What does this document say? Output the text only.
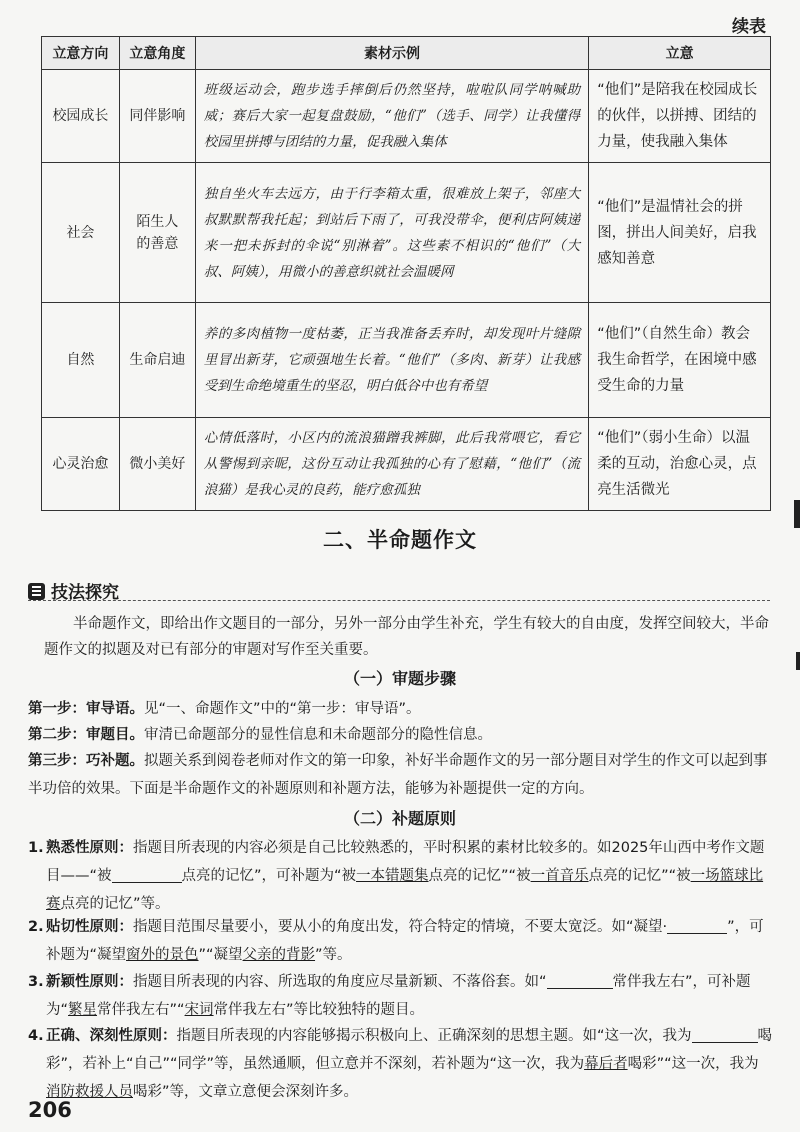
续表
立意方向	立意角度	素材示例	立意
校园成长	同伴影响	班级运动会，跑步选手摔倒后仍然坚持，啦啦队同学呐喊助威；赛后大家一起复盘鼓励，“他们”（选手、同学）让我懂得校园里拼搏与团结的力量，促我融入集体	“他们”是陪我在校园成长的伙伴，以拼搏、团结的力量，使我融入集体
社会	陌生人的善意	独自坐火车去远方，由于行李箱太重，很难放上架子，邻座大叔默默帮我托起；到站后下雨了，可我没带伞，便利店阿姨递来一把未拆封的伞说“别淋着”。这些素不相识的“他们”（大叔、阿姨），用微小的善意织就社会温暖网	“他们”是温情社会的拼图，拼出人间美好，启我感知善意
自然	生命启迪	养的多肉植物一度枯萎，正当我准备丢弃时，却发现叶片缝隙里冒出新芽，它顽强地生长着。“他们”（多肉、新芽）让我感受到生命绝境重生的坚忍，明白低谷中也有希望	“他们”（自然生命）教会我生命哲学，在困境中感受生命的力量
心灵治愈	微小美好	心情低落时，小区内的流浪猫蹭我裤脚，此后我常喂它，看它从警惕到亲昵，这份互动让我孤独的心有了慰藉，“他们”（流浪猫）是我心灵的良药，能疗愈孤独	“他们”（弱小生命）以温柔的互动，治愈心灵，点亮生活微光
二、半命题作文
技法探究
半命题作文，即给出作文题目的一部分，另外一部分由学生补充，学生有较大的自由度，发挥空间较大，半命题作文的拟题及对已有部分的审题对写作至关重要。
（一）审题步骤
第一步：审导语。见“一、命题作文”中的“第一步：审导语”。
第二步：审题目。审清已命题部分的显性信息和未命题部分的隐性信息。
第三步：巧补题。拟题关系到阅卷老师对作文的第一印象，补好半命题作文的另一部分题目对学生的作文可以起到事半功倍的效果。下面是半命题作文的补题原则和补题方法，能够为补题提供一定的方向。
（二）补题原则
1. 熟悉性原则：指题目所表现的内容必须是自己比较熟悉的，平时积累的素材比较多的。如2025年山西中考作文题目——“被	点亮的记忆”，可补题为“被一本错题集点亮的记忆”“被一首音乐点亮的记忆”“被一场篮球比赛点亮的记忆”等。
2. 贴切性原则：指题目范围尽量要小，要从小的角度出发，符合特定的情境，不要太宽泛。如“凝望·	”，可补题为“凝望窗外的景色”“凝望父亲的背影”等。
3. 新颖性原则：指题目所表现的内容、所选取的角度应尽量新颖、不落俗套。如“	常伴我左右”，可补题为“繁星常伴我左右”“宋词常伴我左右”等比较独特的题目。
4. 正确、深刻性原则：指题目所表现的内容能够揭示积极向上、正确深刻的思想主题。如“这一次，我为	喝彩”，若补上“自己”“同学”等，虽然通顺，但立意并不深刻，若补题为“这一次，我为幕后者喝彩”“这一次，我为消防救援人员喝彩”等，文章立意便会深刻许多。
206
